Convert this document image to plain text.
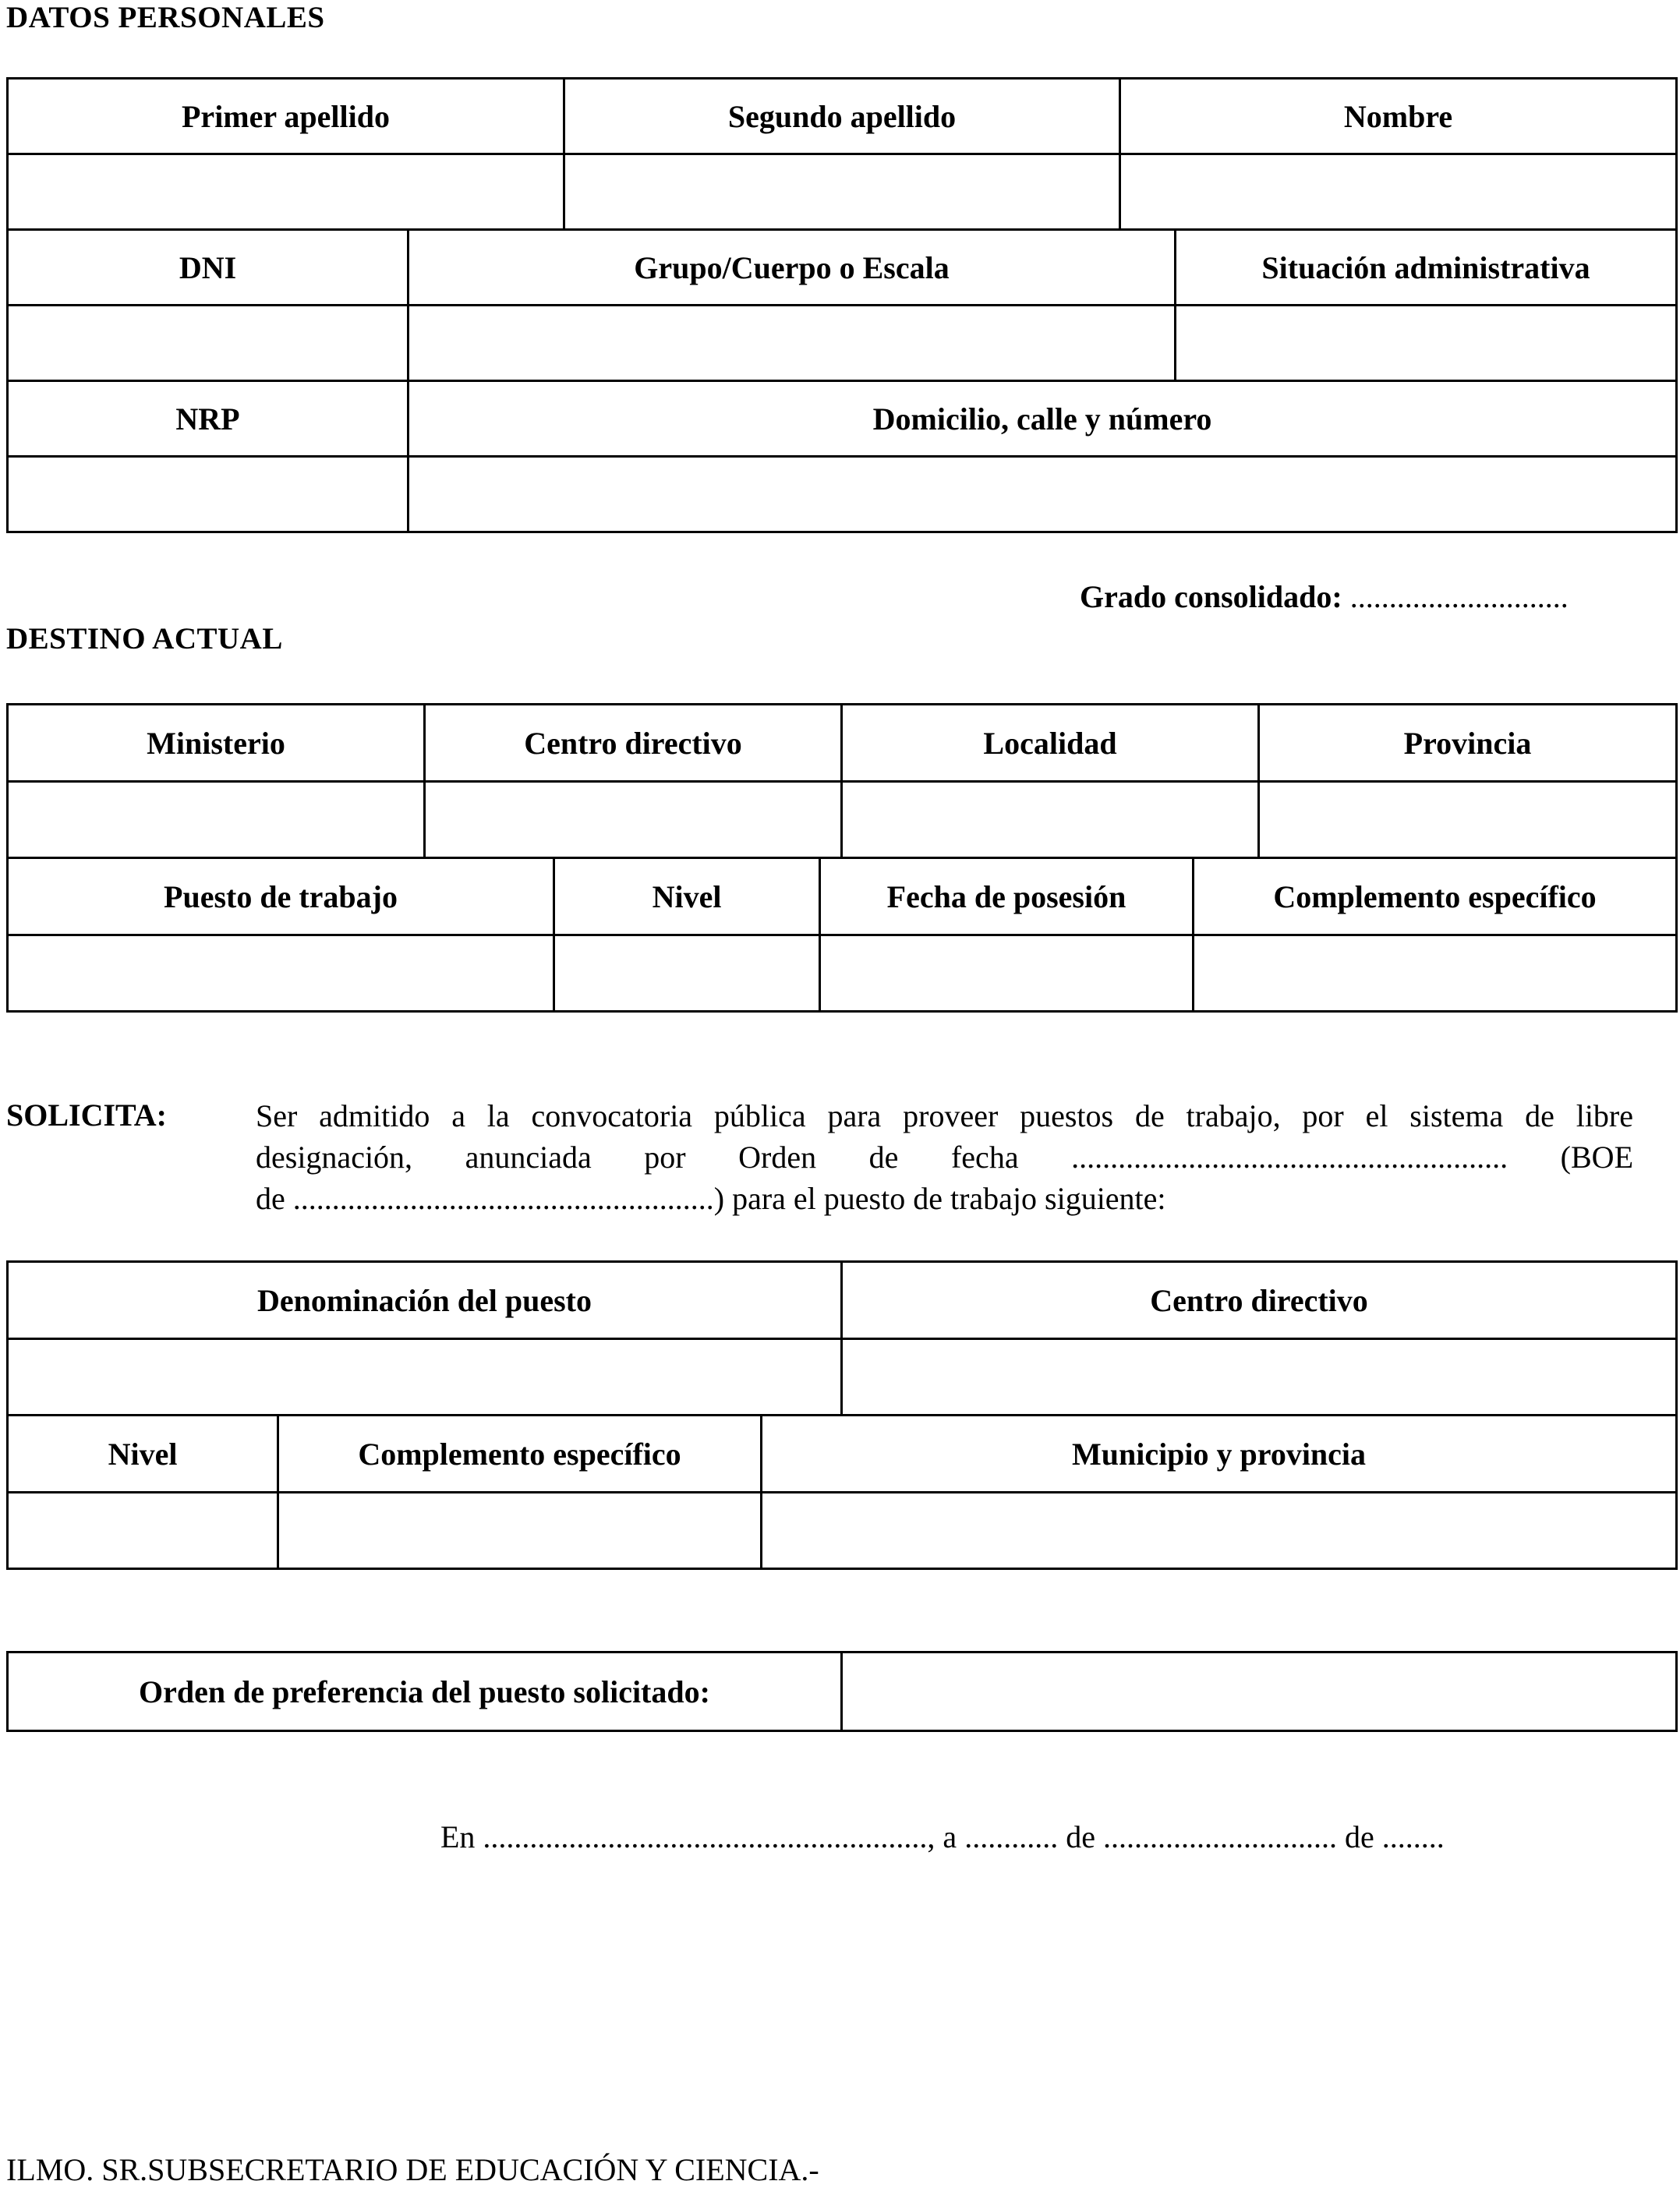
DATOS PERSONALES
Primer apellido	Segundo apellido	Nombre

DNI	Grupo/Cuerpo o Escala	Situación administrativa

NRP	Domicilio, calle y número

Grado consolidado: ............................
DESTINO ACTUAL
Ministerio	Centro directivo	Localidad	Provincia

Puesto de trabajo	Nivel	Fecha de posesión	Complemento específico

SOLICITA:	Ser admitido a la convocatoria pública para proveer puestos de trabajo, por el sistema de libre
designación, anunciada por Orden de fecha ........................................................ (BOE
de ......................................................) para el puesto de trabajo siguiente:
Denominación del puesto	Centro directivo

Nivel	Complemento específico	Municipio y provincia

Orden de preferencia del puesto solicitado:	
En ........................................................., a ............ de .............................. de ........
ILMO. SR.SUBSECRETARIO DE EDUCACIÓN Y CIENCIA.-
